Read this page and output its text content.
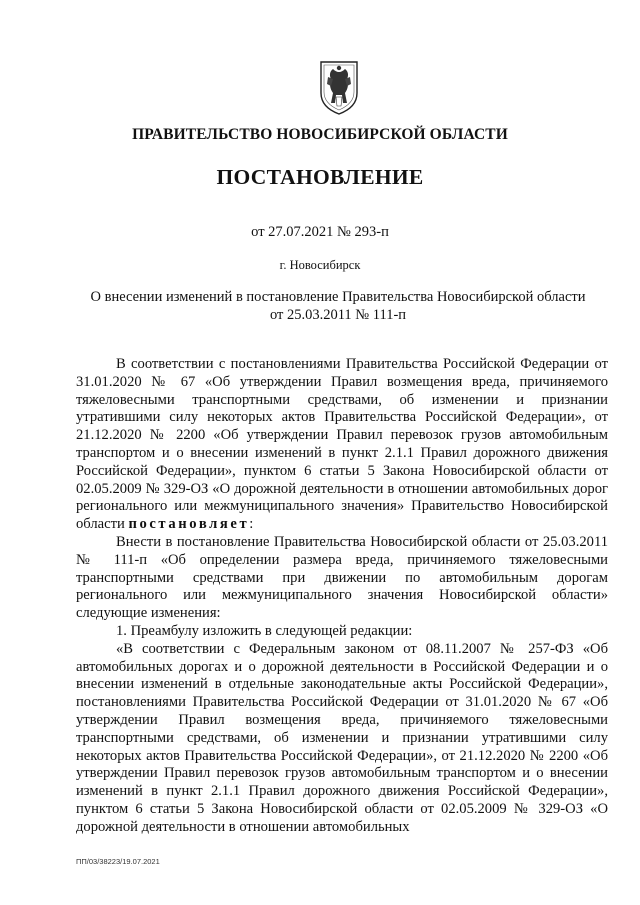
ПРАВИТЕЛЬСТВО НОВОСИБИРСКОЙ ОБЛАСТИ
ПОСТАНОВЛЕНИЕ
от 27.07.2021 № 293-п
г. Новосибирск
О внесении изменений в постановление Правительства Новосибирской области
от 25.03.2011 № 111-п

В соответствии с постановлениями Правительства Российской Федерации от 31.01.2020 № 67 «Об утверждении Правил возмещения вреда, причиняемого тяжеловесными транспортными средствами, об изменении и признании утратившими силу некоторых актов Правительства Российской Федерации», от 21.12.2020 № 2200 «Об утверждении Правил перевозок грузов автомобильным транспортом и о внесении изменений в пункт 2.1.1 Правил дорожного движения Российской Федерации», пунктом 6 статьи 5 Закона Новосибирской области от 02.05.2009 № 329-ОЗ «О дорожной деятельности в отношении автомобильных дорог регионального или межмуниципального значения» Правительство Новосибирской области постановляет:

Внести в постановление Правительства Новосибирской области от 25.03.2011 № 111-п «Об определении размера вреда, причиняемого тяжеловесными транспортными средствами при движении по автомобильным дорогам регионального или межмуниципального значения Новосибирской области» следующие изменения:

1. Преамбулу изложить в следующей редакции:

«В соответствии с Федеральным законом от 08.11.2007 № 257-ФЗ «Об автомобильных дорогах и о дорожной деятельности в Российской Федерации и о внесении изменений в отдельные законодательные акты Российской Федерации», постановлениями Правительства Российской Федерации от 31.01.2020 № 67 «Об утверждении Правил возмещения вреда, причиняемого тяжеловесными транспортными средствами, об изменении и признании утратившими силу некоторых актов Правительства Российской Федерации», от 21.12.2020 № 2200 «Об утверждении Правил перевозок грузов автомобильным транспортом и о внесении изменений в пункт 2.1.1 Правил дорожного движения Российской Федерации», пунктом 6 статьи 5 Закона Новосибирской области от 02.05.2009 № 329-ОЗ «О дорожной деятельности в отношении автомобильных

ПП/03/38223/19.07.2021
